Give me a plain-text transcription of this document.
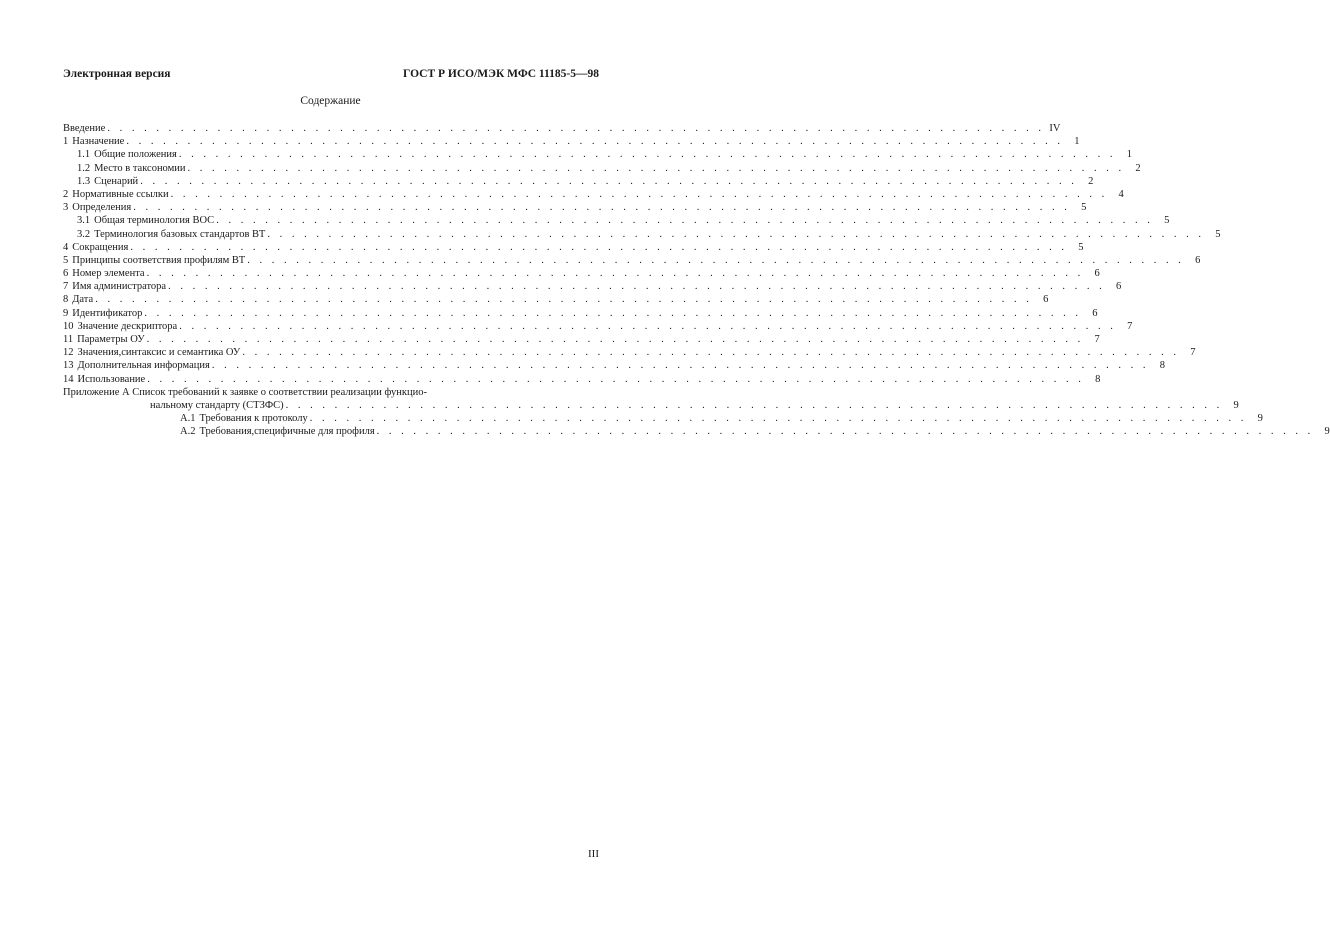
Электронная версия	ГОСТ Р ИСО/МЭК МФС 11185-5—98
Содержание
Введение . . . . . . . . . . . . . . . . . . . . . . . . . . . . . . . . . . . . . . . . . . . . . . . . . . . . . . . . . . . . . . . . . . . . . . . . . . . . . IV
1 Назначение . . . . . . . . . . . . . . . . . . . . . . . . . . . . . . . . . . . . . . . . . . . . . . . . . . . . . . . . . . . . . . . . . . . . . . . . . . . . .	1
1.1 Общие положения . . . . . . . . . . . . . . . . . . . . . . . . . . . . . . . . . . . . . . . . . . . . . . . . . . . . . . . . . . . . . . . . . . . . . . . . . . . . .	1
1.2 Место в таксономии . . . . . . . . . . . . . . . . . . . . . . . . . . . . . . . . . . . . . . . . . . . . . . . . . . . . . . . . . . . . . . . . . . . . . . . . . . . . .	2
1.3 Сценарий . . . . . . . . . . . . . . . . . . . . . . . . . . . . . . . . . . . . . . . . . . . . . . . . . . . . . . . . . . . . . . . . . . . . . . . . . . . . .	2
2 Нормативные ссылки . . . . . . . . . . . . . . . . . . . . . . . . . . . . . . . . . . . . . . . . . . . . . . . . . . . . . . . . . . . . . . . . . . . . . . . . . . . . .	4
3 Определения . . . . . . . . . . . . . . . . . . . . . . . . . . . . . . . . . . . . . . . . . . . . . . . . . . . . . . . . . . . . . . . . . . . . . . . . . . . . .	5
3.1 Общая терминология ВОС . . . . . . . . . . . . . . . . . . . . . . . . . . . . . . . . . . . . . . . . . . . . . . . . . . . . . . . . . . . . . . . . . . . . . . . . . . . . .	5
3.2 Терминология базовых стандартов ВТ . . . . . . . . . . . . . . . . . . . . . . . . . . . . . . . . . . . . . . . . . . . . . . . . . . . . . . . . . . . . . . . . . . . . . . . . . . . . .	5
4 Сокращения . . . . . . . . . . . . . . . . . . . . . . . . . . . . . . . . . . . . . . . . . . . . . . . . . . . . . . . . . . . . . . . . . . . . . . . . . . . . .	5
5 Принципы соответствия профилям ВТ . . . . . . . . . . . . . . . . . . . . . . . . . . . . . . . . . . . . . . . . . . . . . . . . . . . . . . . . . . . . . . . . . . . . . . . . . . . . .	6
6 Номер элемента . . . . . . . . . . . . . . . . . . . . . . . . . . . . . . . . . . . . . . . . . . . . . . . . . . . . . . . . . . . . . . . . . . . . . . . . . . . . .	6
7 Имя администратора . . . . . . . . . . . . . . . . . . . . . . . . . . . . . . . . . . . . . . . . . . . . . . . . . . . . . . . . . . . . . . . . . . . . . . . . . . . . .	6
8 Дата . . . . . . . . . . . . . . . . . . . . . . . . . . . . . . . . . . . . . . . . . . . . . . . . . . . . . . . . . . . . . . . . . . . . . . . . . . . . .	6
9 Идентификатор . . . . . . . . . . . . . . . . . . . . . . . . . . . . . . . . . . . . . . . . . . . . . . . . . . . . . . . . . . . . . . . . . . . . . . . . . . . . .	6
10 Значение дескриптора . . . . . . . . . . . . . . . . . . . . . . . . . . . . . . . . . . . . . . . . . . . . . . . . . . . . . . . . . . . . . . . . . . . . . . . . . . . . .	7
11 Параметры ОУ . . . . . . . . . . . . . . . . . . . . . . . . . . . . . . . . . . . . . . . . . . . . . . . . . . . . . . . . . . . . . . . . . . . . . . . . . . . . .	7
12 Значения,синтаксис и семантика ОУ . . . . . . . . . . . . . . . . . . . . . . . . . . . . . . . . . . . . . . . . . . . . . . . . . . . . . . . . . . . . . . . . . . . . . . . . . . . . .	7
13 Дополнительная информация . . . . . . . . . . . . . . . . . . . . . . . . . . . . . . . . . . . . . . . . . . . . . . . . . . . . . . . . . . . . . . . . . . . . . . . . . . . . .	8
14 Использование . . . . . . . . . . . . . . . . . . . . . . . . . . . . . . . . . . . . . . . . . . . . . . . . . . . . . . . . . . . . . . . . . . . . . . . . . . . . .	8
Приложение А Список требований к заявке о соответствии реализации функцио-
нальному стандарту (СТЗФС) . . . . . . . . . . . . . . . . . . . . . . . . . . . . . . . . . . . . . . . . . . . . . . . . . . . . . . . . . . . . . . . . . . . . . . . . . . . . .	9
А.1 Требования к протоколу . . . . . . . . . . . . . . . . . . . . . . . . . . . . . . . . . . . . . . . . . . . . . . . . . . . . . . . . . . . . . . . . . . . . . . . . . . . . .	9
А.2 Требования,специфичные для профиля . . . . . . . . . . . . . . . . . . . . . . . . . . . . . . . . . . . . . . . . . . . . . . . . . . . . . . . . . . . . . . . . . . . . . . . . . . . . .	9
III
